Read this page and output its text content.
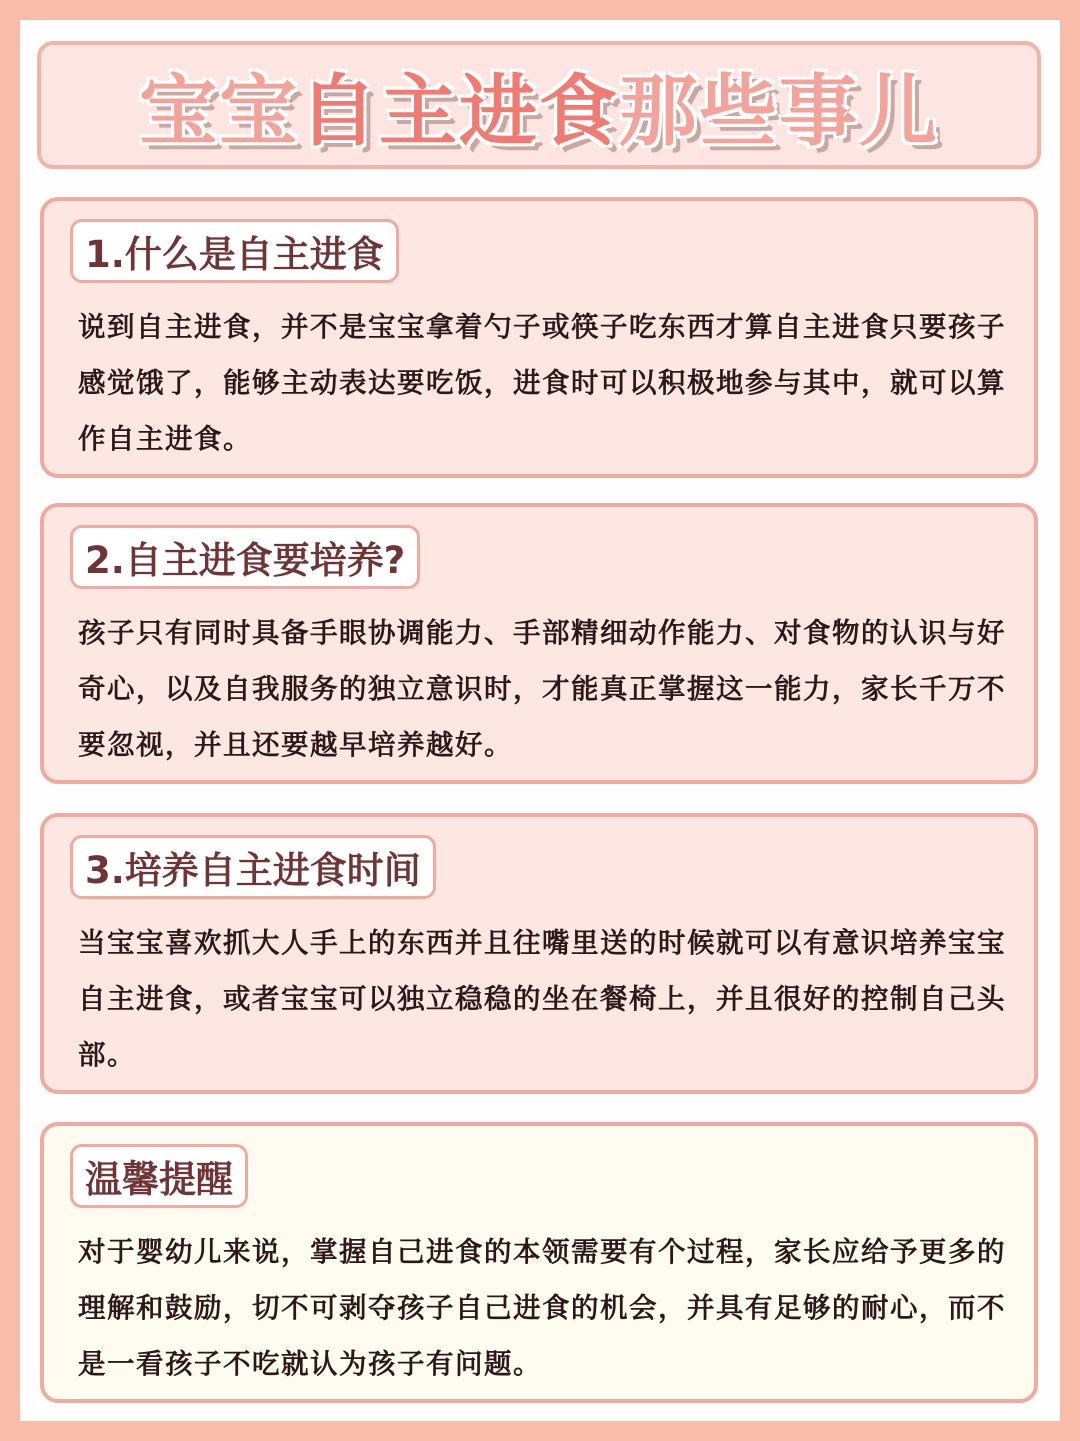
宝宝自主进食那些事儿
1.什么是自主进食
说到自主进食，并不是宝宝拿着勺子或筷子吃东西才算自主进食只要孩子感觉饿了，能够主动表达要吃饭，进食时可以积极地参与其中，就可以算作自主进食。
2.自主进食要培养?
孩子只有同时具备手眼协调能力、手部精细动作能力、对食物的认识与好奇心，以及自我服务的独立意识时，才能真正掌握这一能力，家长千万不要忽视，并且还要越早培养越好。
3.培养自主进食时间
当宝宝喜欢抓大人手上的东西并且往嘴里送的时候就可以有意识培养宝宝自主进食，或者宝宝可以独立稳稳的坐在餐椅上，并且很好的控制自己头部。
温馨提醒
对于婴幼儿来说，掌握自己进食的本领需要有个过程，家长应给予更多的理解和鼓励，切不可剥夺孩子自己进食的机会，并具有足够的耐心，而不是一看孩子不吃就认为孩子有问题。
